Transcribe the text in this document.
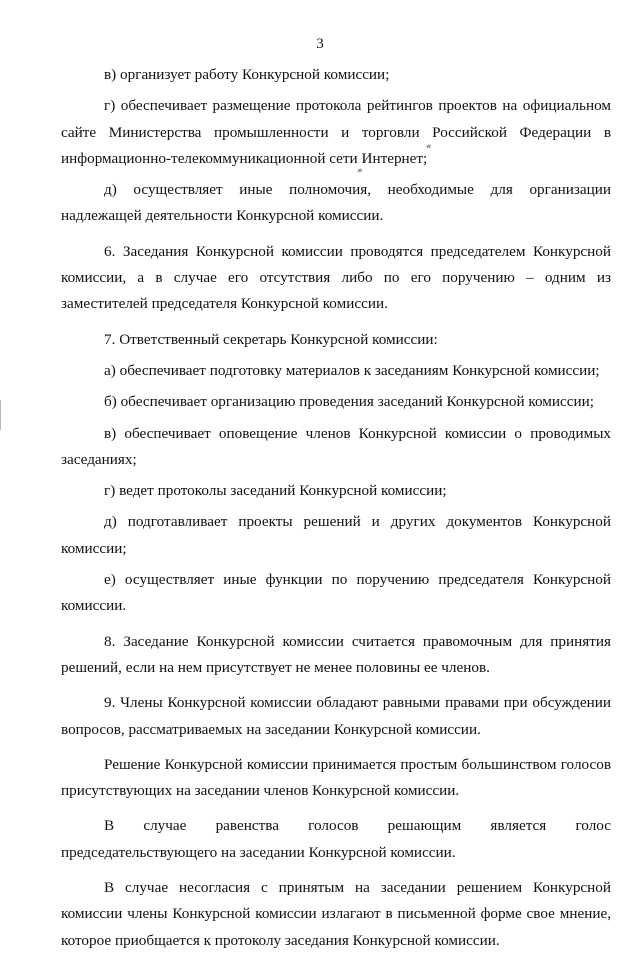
3

в) организует работу Конкурсной комиссии;

г) обеспечивает размещение протокола рейтингов проектов на официальном сайте Министерства промышленности и торговли Российской Федерации в информационно-телекоммуникационной сети Интернет;

д) осуществляет иные полномочия, необходимые для организации надлежащей деятельности Конкурсной комиссии.

6. Заседания Конкурсной комиссии проводятся председателем Конкурсной комиссии, а в случае его отсутствия либо по его поручению – одним из заместителей председателя Конкурсной комиссии.

7. Ответственный секретарь Конкурсной комиссии:

а) обеспечивает подготовку материалов к заседаниям Конкурсной комиссии;

б) обеспечивает организацию проведения заседаний Конкурсной комиссии;

в) обеспечивает оповещение членов Конкурсной комиссии о проводимых заседаниях;

г) ведет протоколы заседаний Конкурсной комиссии;

д) подготавливает проекты решений и других документов Конкурсной комиссии;

е) осуществляет иные функции по поручению председателя Конкурсной комиссии.

8. Заседание Конкурсной комиссии считается правомочным для принятия решений, если на нем присутствует не менее половины ее членов.

9. Члены Конкурсной комиссии обладают равными правами при обсуждении вопросов, рассматриваемых на заседании Конкурсной комиссии.

Решение Конкурсной комиссии принимается простым большинством голосов присутствующих на заседании членов Конкурсной комиссии.

В случае равенства голосов решающим является голос председательствующего на заседании Конкурсной комиссии.

В случае несогласия с принятым на заседании решением Конкурсной комиссии члены Конкурсной комиссии излагают в письменной форме свое мнение, которое приобщается к протоколу заседания Конкурсной комиссии.

«
»
